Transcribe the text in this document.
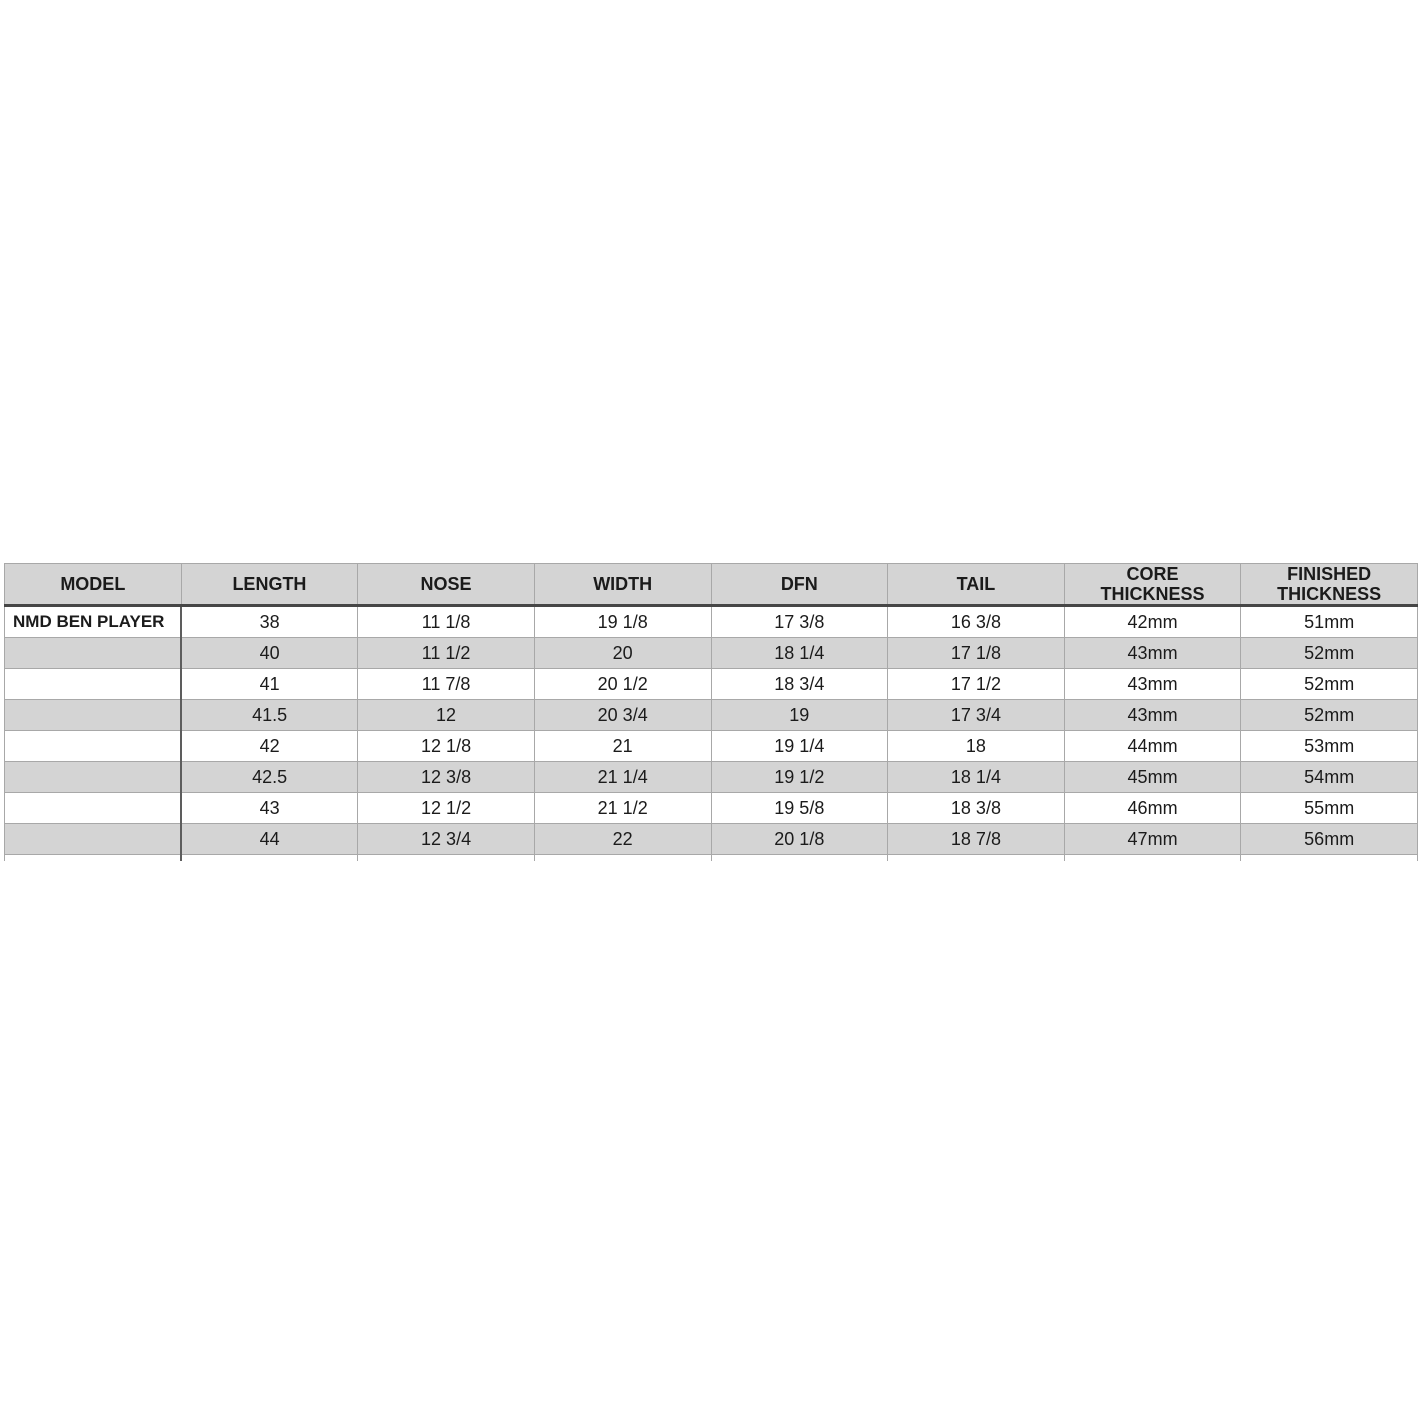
MODEL	LENGTH	NOSE	WIDTH	DFN	TAIL	CORE THICKNESS	FINISHED THICKNESS
NMD BEN PLAYER	38	11 1/8	19 1/8	17 3/8	16 3/8	42mm	51mm
	40	11 1/2	20	18 1/4	17 1/8	43mm	52mm
	41	11 7/8	20 1/2	18 3/4	17 1/2	43mm	52mm
	41.5	12	20 3/4	19	17 3/4	43mm	52mm
	42	12 1/8	21	19 1/4	18	44mm	53mm
	42.5	12 3/8	21 1/4	19 1/2	18 1/4	45mm	54mm
	43	12 1/2	21 1/2	19 5/8	18 3/8	46mm	55mm
	44	12 3/4	22	20 1/8	18 7/8	47mm	56mm
